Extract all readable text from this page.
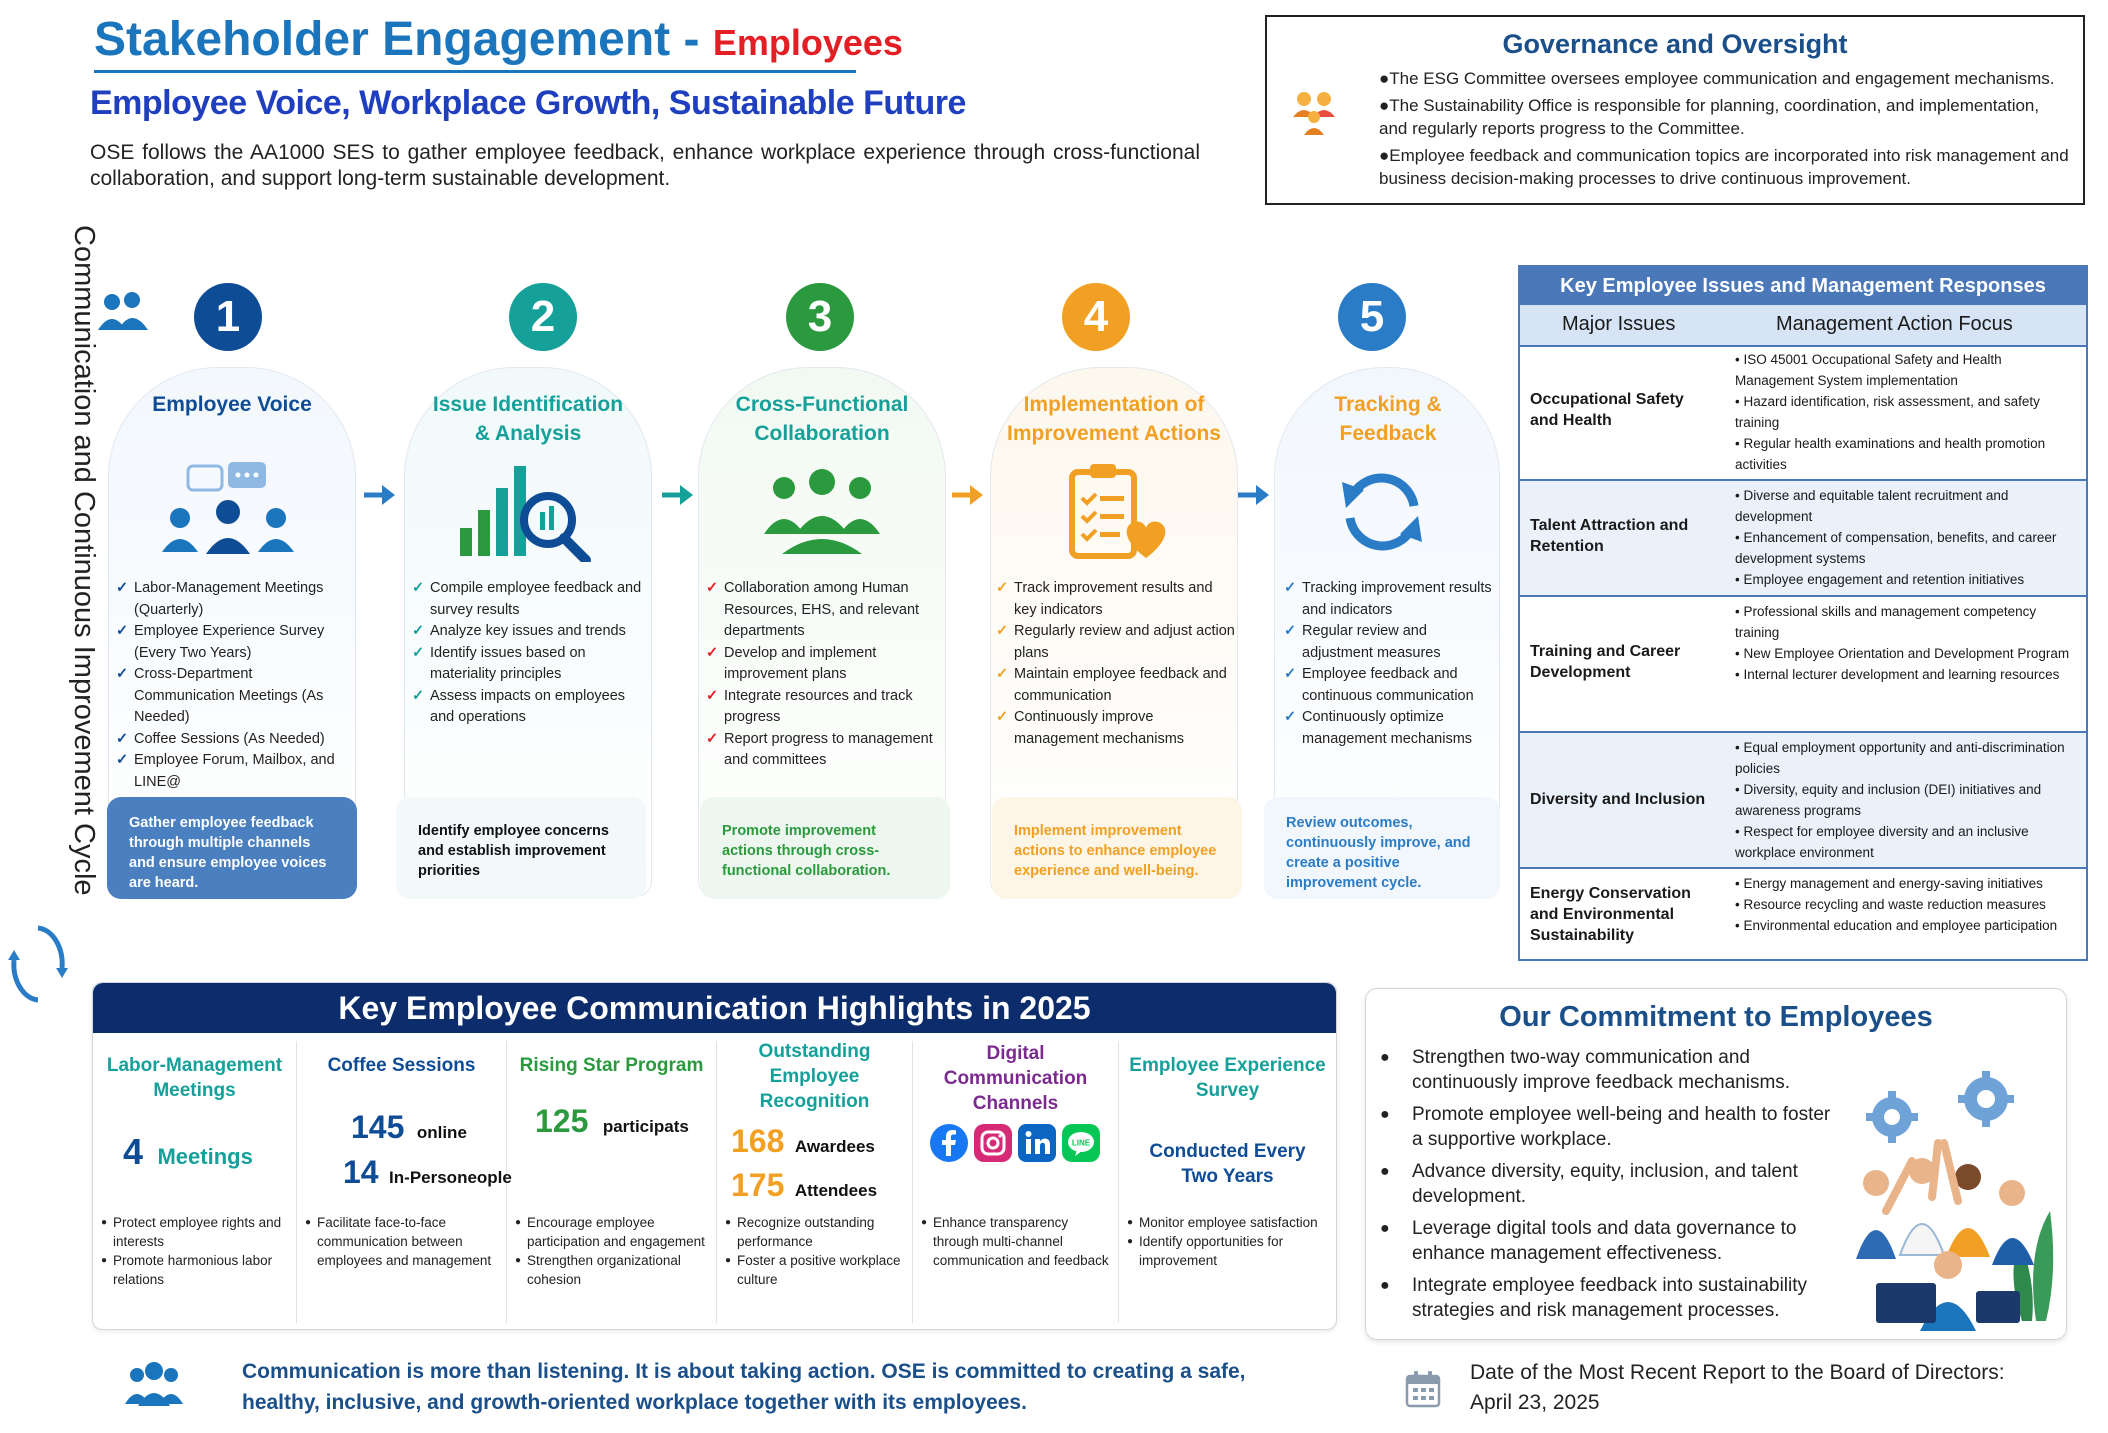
Stakeholder Engagement - Employees
Employee Voice, Workplace Growth, Sustainable Future
OSE follows the AA1000 SES to gather employee feedback, enhance workplace experience through cross-functional collaboration, and support long-term sustainable development.
Governance and Oversight

●The ESG Committee oversees employee communication and engagement mechanisms.

●The Sustainability Office is responsible for planning, coordination, and implementation, and regularly reports progress to the Committee.

●Employee feedback and communication topics are incorporated into risk management and business decision-making processes to drive continuous improvement.

Communication and Continuous Improvement Cycle	1
Employee Voice
✓ Labor-Management Meetings (Quarterly)
✓ Employee Experience Survey (Every Two Years)
✓ Cross-Department Communication Meetings (As Needed)
✓ Coffee Sessions (As Needed)
✓ Employee Forum, Mailbox, and LINE@
Gather employee feedback through multiple channels and ensure employee voices are heard.
2
Issue Identification
& Analysis
✓ Compile employee feedback and survey results
✓ Analyze key issues and trends
✓ Identify issues based on materiality principles
✓ Assess impacts on employees and operations
Identify employee concerns and establish improvement priorities
3
Cross-Functional
Collaboration
✓ Collaboration among Human Resources, EHS, and relevant departments
✓ Develop and implement improvement plans
✓ Integrate resources and track progress
✓ Report progress to management and committees
Promote improvement actions through cross-functional collaboration.
4
Implementation of
Improvement Actions
✓ Track improvement results and key indicators
✓ Regularly review and adjust action plans
✓ Maintain employee feedback and communication
✓ Continuously improve management mechanisms
Implement improvement actions to enhance employee experience and well-being.
5
Tracking &
Feedback
✓ Tracking improvement results and indicators
✓ Regular review and adjustment measures
✓ Employee feedback and continuous communication
✓ Continuously optimize management mechanisms
Review outcomes, continuously improve, and create a positive improvement cycle.
Key Employee Issues and Management Responses
Major Issues	Management Action Focus
Occupational Safety and Health
• ISO 45001 Occupational Safety and Health Management System implementation
• Hazard identification, risk assessment, and safety training
• Regular health examinations and health promotion activities
Talent Attraction and Retention
• Diverse and equitable talent recruitment and development
• Enhancement of compensation, benefits, and career development systems
• Employee engagement and retention initiatives
Training and Career Development
• Professional skills and management competency training
• New Employee Orientation and Development Program
• Internal lecturer development and learning resources
Diversity and Inclusion
• Equal employment opportunity and anti-discrimination policies
• Diversity, equity and inclusion (DEI) initiatives and awareness programs
• Respect for employee diversity and an inclusive workplace environment
Energy Conservation and Environmental Sustainability
• Energy management and energy-saving initiatives
• Resource recycling and waste reduction measures
• Environmental education and employee participation
Key Employee Communication Highlights in 2025
Labor-Management Meetings
4 Meetings
● Protect employee rights and interests
● Promote harmonious labor relations
Coffee Sessions
145 online
14 In-Personeople
● Facilitate face-to-face communication between employees and management
Rising Star Program
125 participats
● Encourage employee participation and engagement
● Strengthen organizational cohesion
Outstanding Employee Recognition
168 Awardees
175 Attendees
● Recognize outstanding performance
● Foster a positive workplace culture
Digital Communication Channels
LINE
● Enhance transparency through multi-channel communication and feedback
Employee Experience Survey
Conducted Every Two Years
● Monitor employee satisfaction
● Identify opportunities for improvement
Our Commitment to Employees
● Strengthen two-way communication and continuously improve feedback mechanisms.
● Promote employee well-being and health to foster a supportive workplace.
● Advance diversity, equity, inclusion, and talent development.
● Leverage digital tools and data governance to enhance management effectiveness.
● Integrate employee feedback into sustainability strategies and risk management processes.
Communication is more than listening. It is about taking action. OSE is committed to creating a safe, healthy, inclusive, and growth-oriented workplace together with its employees.
Date of the Most Recent Report to the Board of Directors:
April 23, 2025
